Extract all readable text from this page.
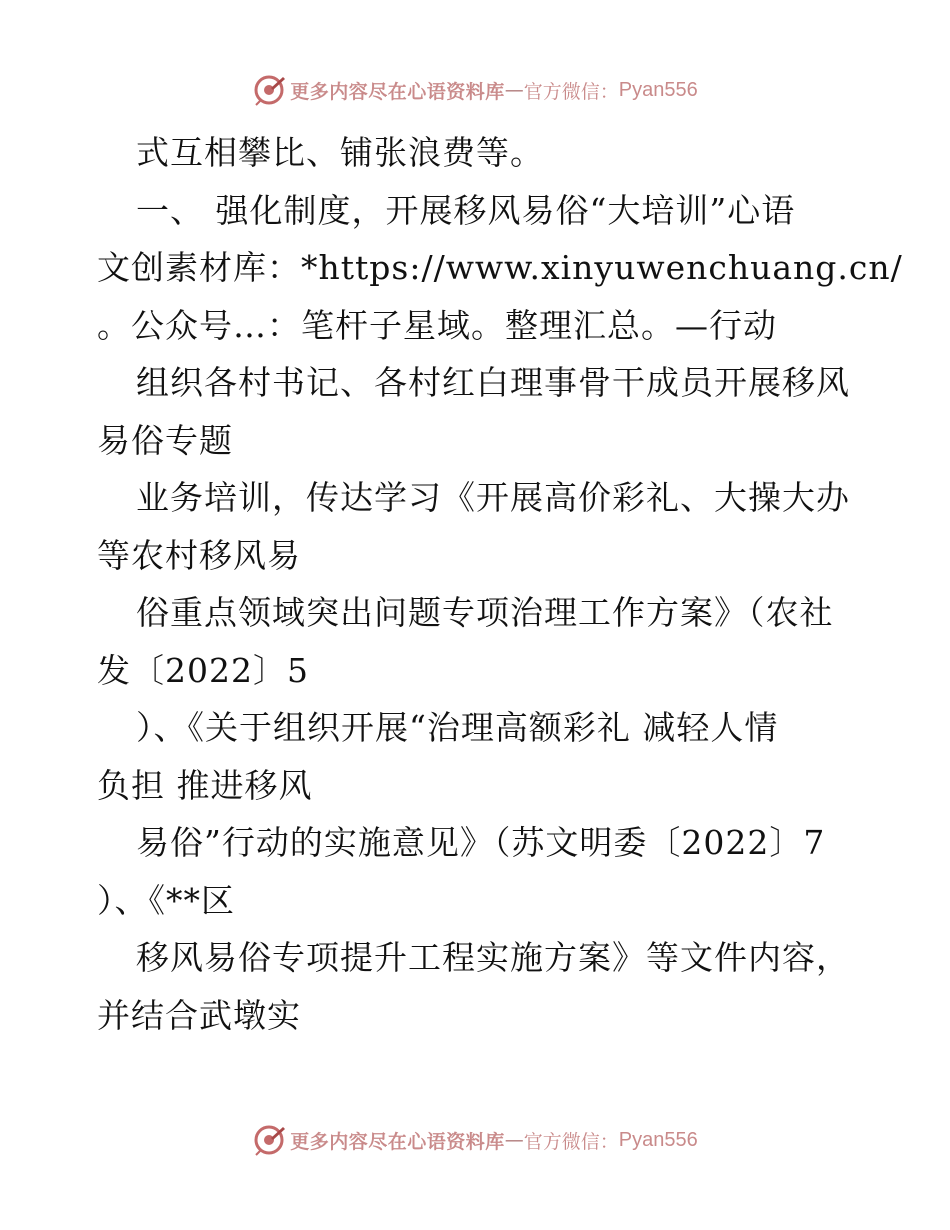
更多内容尽在心语资料库 — 官方微信： Pyan556
式互相攀比、铺张浪费等。
一、 强化制度，开展移风易俗“大培训”心语
文创素材库：*https://www.xinyuwenchuang.cn/
。公众号…：笔杆子星域。整理汇总。—行动
组织各村书记、各村红白理事骨干成员开展移风
易俗专题
业务培训，传达学习《开展高价彩礼、大操大办
等农村移风易
俗重点领域突出问题专项治理工作方案》（农社
发〔2022〕5
）、《关于组织开展“治理高额彩礼 减轻人情
负担 推进移风
易俗”行动的实施意见》（苏文明委〔2022〕7
）、《**区
移风易俗专项提升工程实施方案》等文件内容，
并结合武墩实
更多内容尽在心语资料库 — 官方微信： Pyan556
